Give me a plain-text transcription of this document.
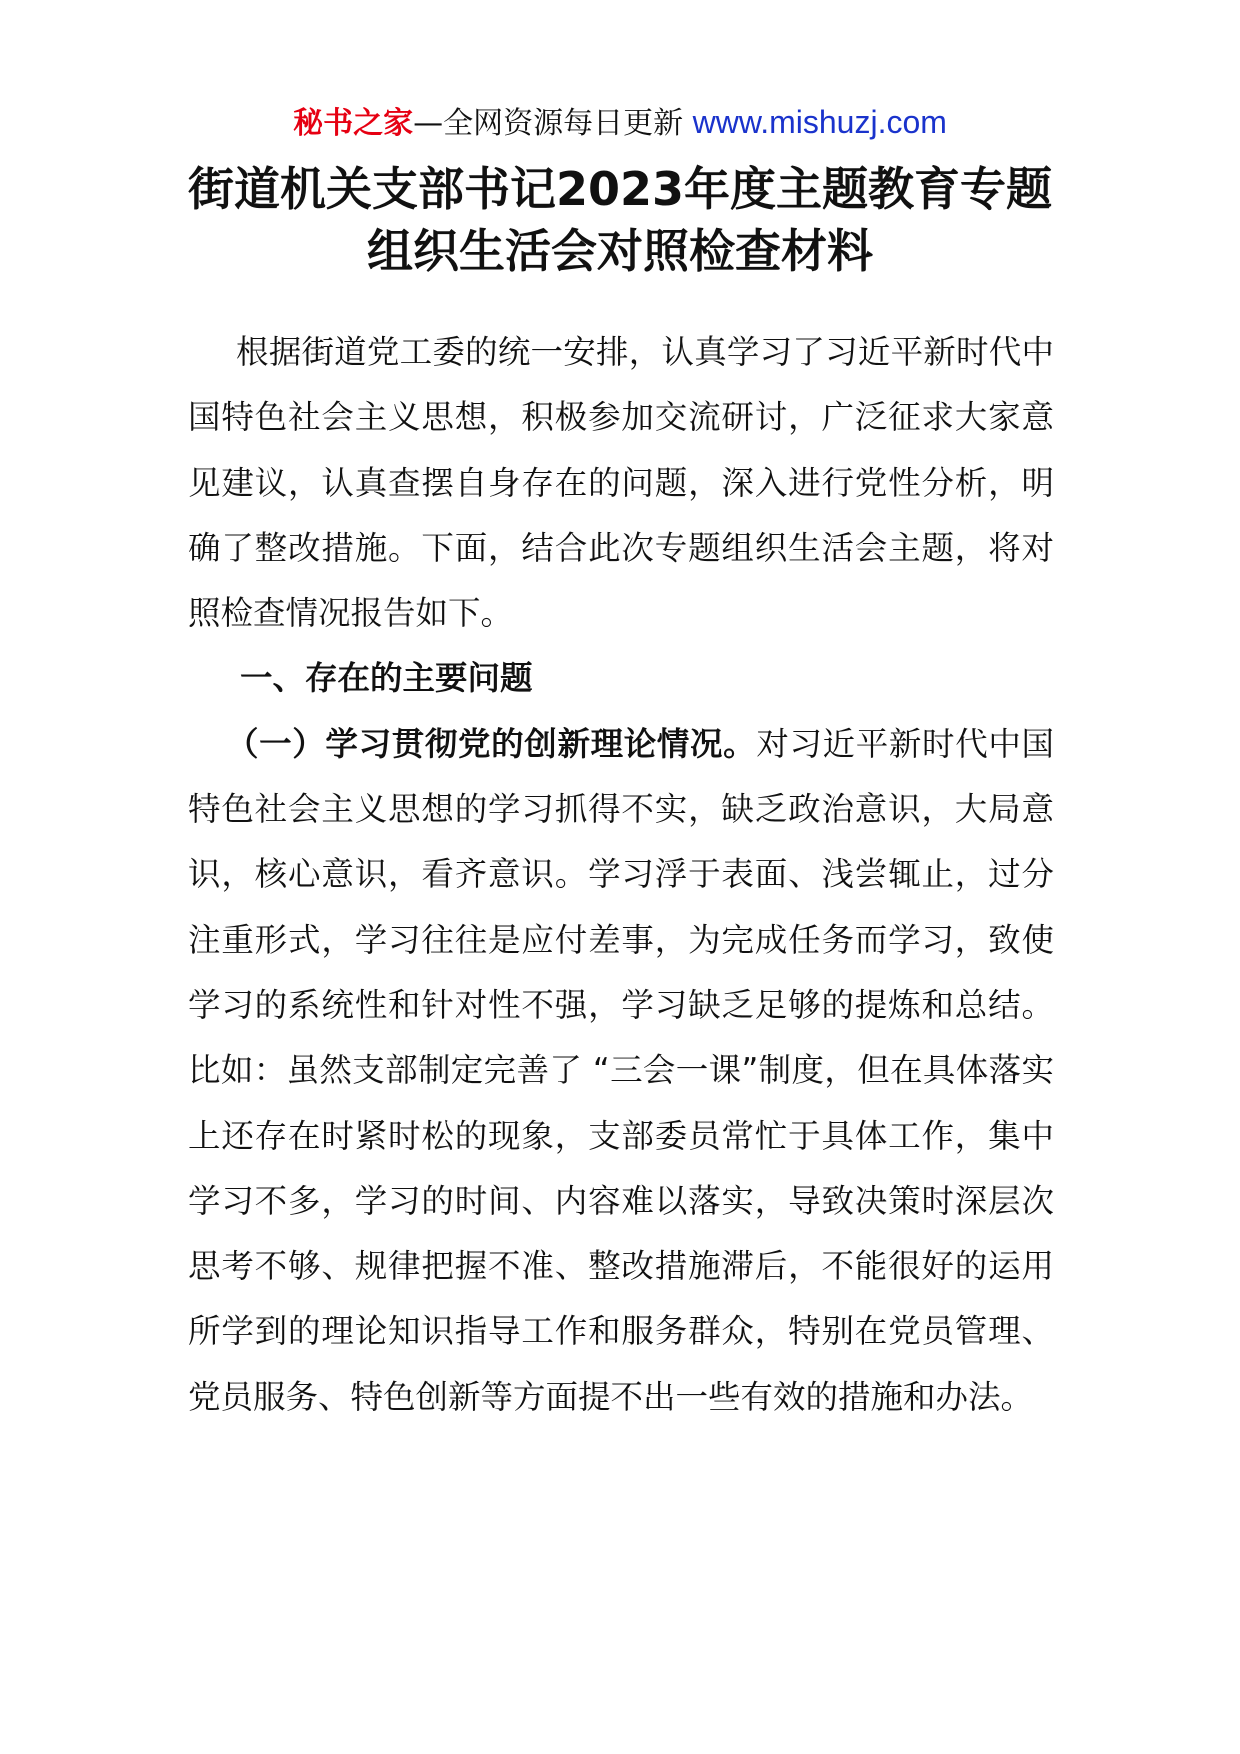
秘书之家—全网资源每日更新 www.mishuzj.com
街道机关支部书记2023年度主题教育专题
组织生活会对照检查材料

根据街道党工委的统一安排，认真学习了习近平新时代中国特色社会主义思想，积极参加交流研讨，广泛征求大家意见建议，认真查摆自身存在的问题，深入进行党性分析，明确了整改措施。下面，结合此次专题组织生活会主题，将对照检查情况报告如下。

一、存在的主要问题

（一）学习贯彻党的创新理论情况。对习近平新时代中国特色社会主义思想的学习抓得不实，缺乏政治意识，大局意识，核心意识，看齐意识。学习浮于表面、浅尝辄止，过分注重形式，学习往往是应付差事，为完成任务而学习，致使学习的系统性和针对性不强，学习缺乏足够的提炼和总结。比如：虽然支部制定完善了 “三会一课”制度，但在具体落实上还存在时紧时松的现象，支部委员常忙于具体工作，集中学习不多，学习的时间、内容难以落实，导致决策时深层次思考不够、规律把握不准、整改措施滞后，不能很好的运用所学到的理论知识指导工作和服务群众，特别在党员管理、党员服务、特色创新等方面提不出一些有效的措施和办法。
